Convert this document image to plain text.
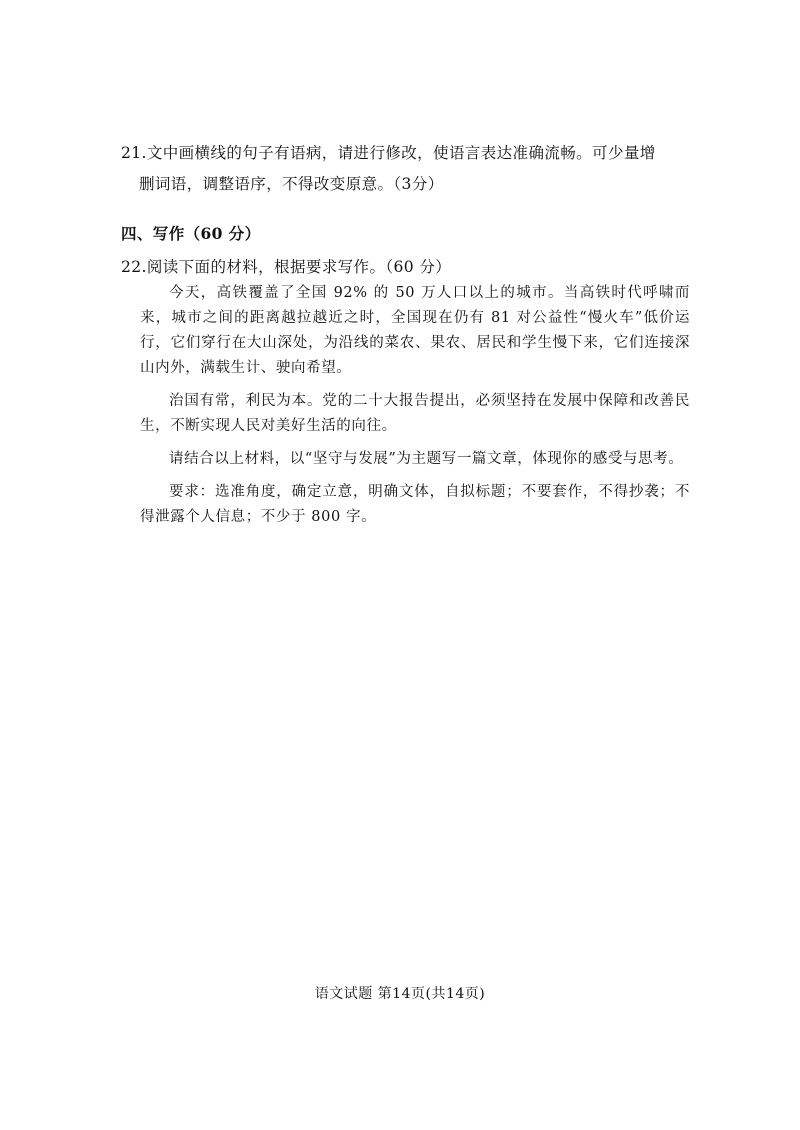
21.文中画横线的句子有语病，请进行修改，使语言表达准确流畅。可少量增
删词语，调整语序，不得改变原意。（3分）
四、写作（60 分）
22.阅读下面的材料，根据要求写作。（60 分）

今天，高铁覆盖了全国 92% 的 50 万人口以上的城市。当高铁时代呼啸而来，城市之间的距离越拉越近之时，全国现在仍有 81 对公益性“慢火车”低价运行，它们穿行在大山深处，为沿线的菜农、果农、居民和学生慢下来，它们连接深山内外，满载生计、驶向希望。

治国有常，利民为本。党的二十大报告提出，必须坚持在发展中保障和改善民生，不断实现人民对美好生活的向往。

请结合以上材料，以“坚守与发展”为主题写一篇文章，体现你的感受与思考。

要求：选准角度，确定立意，明确文体，自拟标题；不要套作，不得抄袭；不得泄露个人信息；不少于 800 字。

语文试题 第14页(共14页)
